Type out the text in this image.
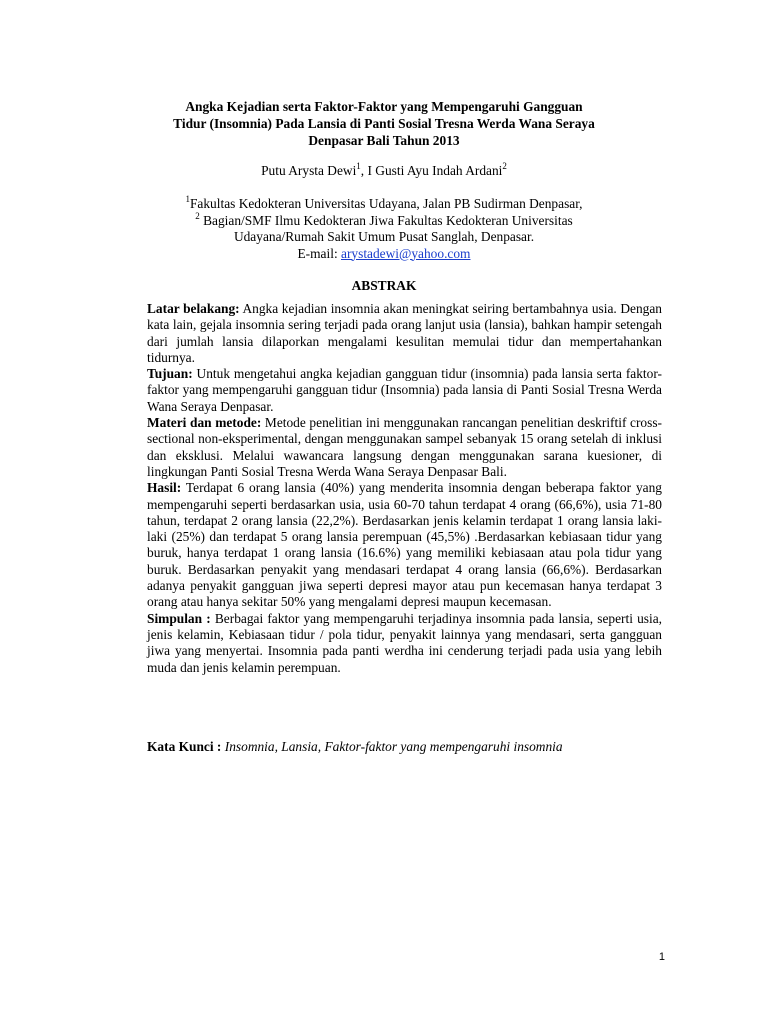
Angka Kejadian serta Faktor-Faktor yang Mempengaruhi Gangguan
Tidur (Insomnia) Pada Lansia di Panti Sosial Tresna Werda Wana Seraya
Denpasar Bali Tahun 2013
Putu Arysta Dewi$^1$, I Gusti Ayu Indah Ardani$^2$
$^1$Fakultas Kedokteran Universitas Udayana, Jalan PB Sudirman Denpasar,
$^2$ Bagian/SMF Ilmu Kedokteran Jiwa Fakultas Kedokteran Universitas
Udayana/Rumah Sakit Umum Pusat Sanglah, Denpasar.
E-mail: arystadewi@yahoo.com
ABSTRAK

Latar belakang: Angka kejadian insomnia akan meningkat seiring bertambahnya usia. Dengan kata lain, gejala insomnia sering terjadi pada orang lanjut usia (lansia), bahkan hampir setengah dari jumlah lansia dilaporkan mengalami kesulitan memulai tidur dan mempertahankan tidurnya.

Tujuan: Untuk mengetahui angka kejadian gangguan tidur (insomnia) pada lansia serta faktor-faktor yang mempengaruhi gangguan tidur (Insomnia) pada lansia di Panti Sosial Tresna Werda Wana Seraya Denpasar.

Materi dan metode: Metode penelitian ini menggunakan rancangan penelitian deskriftif cross-sectional non-eksperimental, dengan menggunakan sampel sebanyak 15 orang setelah di inklusi dan eksklusi. Melalui wawancara langsung dengan menggunakan sarana kuesioner, di lingkungan Panti Sosial Tresna Werda Wana Seraya Denpasar Bali.

Hasil: Terdapat 6 orang lansia (40%) yang menderita insomnia dengan beberapa faktor yang mempengaruhi seperti berdasarkan usia, usia 60-70 tahun terdapat 4 orang (66,6%), usia 71-80 tahun, terdapat 2 orang lansia (22,2%). Berdasarkan jenis kelamin terdapat 1 orang lansia laki-laki (25%) dan terdapat 5 orang lansia perempuan (45,5%) .Berdasarkan kebiasaan tidur yang buruk, hanya terdapat 1 orang lansia (16.6%) yang memiliki kebiasaan atau pola tidur yang buruk. Berdasarkan penyakit yang mendasari terdapat 4 orang lansia (66,6%). Berdasarkan adanya penyakit gangguan jiwa seperti depresi mayor atau pun kecemasan hanya terdapat 3 orang atau hanya sekitar 50% yang mengalami depresi maupun kecemasan.

Simpulan : Berbagai faktor yang mempengaruhi terjadinya insomnia pada lansia, seperti usia, jenis kelamin, Kebiasaan tidur / pola tidur, penyakit lainnya yang mendasari, serta gangguan jiwa yang menyertai. Insomnia pada panti werdha ini cenderung terjadi pada usia yang lebih muda dan jenis kelamin perempuan.

Kata Kunci : Insomnia, Lansia, Faktor-faktor yang mempengaruhi insomnia
1
